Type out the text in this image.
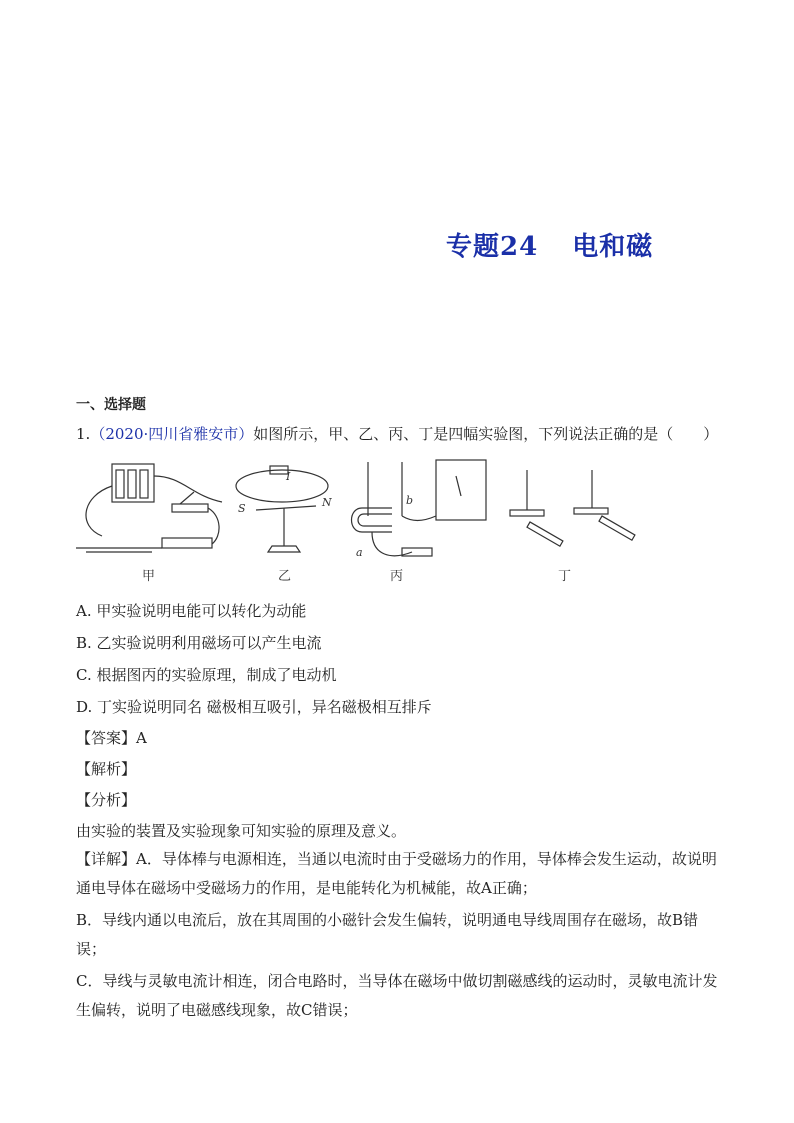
专题24 电和磁
一、选择题
1.（2020·四川省雅安市）如图所示，甲、乙、丙、丁是四幅实验图，下列说法正确的是（　　）
S	N
I
a
b
甲	乙	丙	丁
A. 甲实验说明电能可以转化为动能
B. 乙实验说明利用磁场可以产生电流
C. 根据图丙的实验原理，制成了电动机
D. 丁实验说明同名 磁极相互吸引，异名磁极相互排斥
【答案】A
【解析】
【分析】
由实验的装置及实验现象可知实验的原理及意义。
【详解】A．导体棒与电源相连，当通以电流时由于受磁场力的作用，导体棒会发生运动，故说明通电导体在磁场中受磁场力的作用，是电能转化为机械能，故A正确；
B．导线内通以电流后，放在其周围的小磁针会发生偏转，说明通电导线周围存在磁场，故B错误；
C．导线与灵敏电流计相连，闭合电路时，当导体在磁场中做切割磁感线的运动时，灵敏电流计发生偏转，说明了电磁感线现象，故C错误；
